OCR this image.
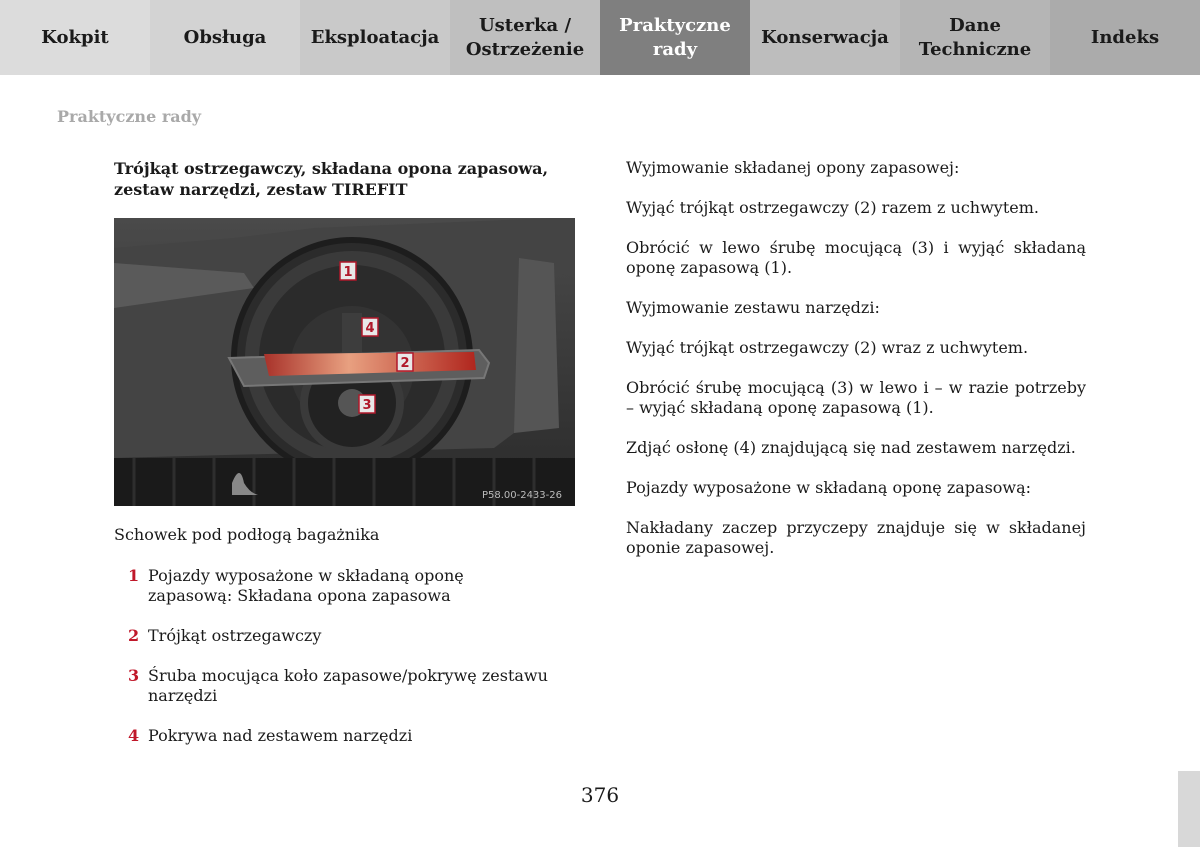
Kokpit	Obsługa	Eksploatacja
Usterka / Ostrzeżenie
Praktyczne rady
Konserwacja
Dane Techniczne
Indeks
Praktyczne rady

Trójkąt ostrzegawczy, składana opona zapasowa, zestaw narzędzi, zestaw TIREFIT

1
2
3
4
P58.00-2433-26
Schowek pod podłogą bagażnika
1 Pojazdy wyposażone w składaną oponę zapasową: Składana opona zapasowa
2 Trójkąt ostrzegawczy
3 Śruba mocująca koło zapasowe/pokrywę zestawu narzędzi
4 Pokrywa nad zestawem narzędzi

Wyjmowanie składanej opony zapasowej:

Wyjąć trójkąt ostrzegawczy (2) razem z uchwytem.

Obrócić w lewo śrubę mocującą (3) i wyjąć składaną oponę zapasową (1).

Wyjmowanie zestawu narzędzi:

Wyjąć trójkąt ostrzegawczy (2) wraz z uchwytem.

Obrócić śrubę mocującą (3) w lewo i – w razie potrzeby – wyjąć składaną oponę zapasową (1).

Zdjąć osłonę (4) znajdującą się nad zestawem narzędzi.

Pojazdy wyposażone w składaną oponę zapasową:

Nakładany zaczep przyczepy znajduje się w składanej oponie zapasowej.

376
